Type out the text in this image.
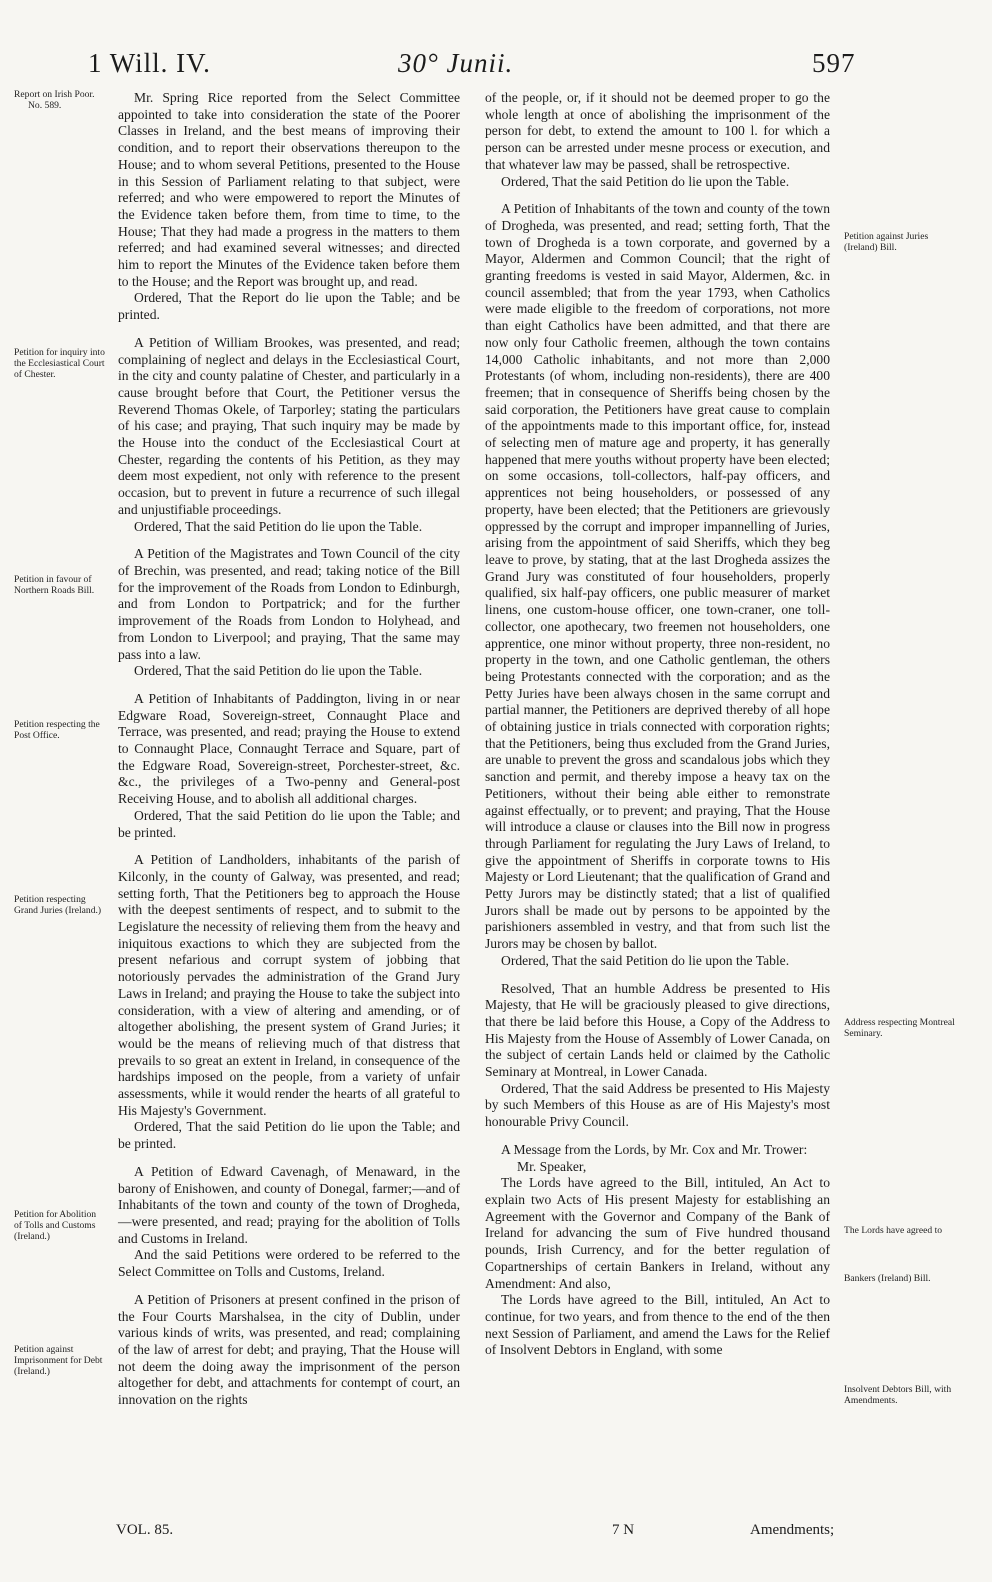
1 Will. IV.	30° Junii.	597
Report on Irish Poor.
No. 589.
Petition for inquiry into the Ecclesiastical Court of Chester.
Petition in favour of Northern Roads Bill.
Petition respecting the Post Office.
Petition respecting Grand Juries (Ireland.)
Petition for Abolition of Tolls and Customs (Ireland.)
Petition against Imprisonment for Debt (Ireland.)
Petition against Juries (Ireland) Bill.
Address respecting Montreal Seminary.
The Lords have agreed to
Bankers (Ireland) Bill.
Insolvent Debtors Bill, with Amendments.

Mr. Spring Rice reported from the Select Committee appointed to take into consideration the state of the Poorer Classes in Ireland, and the best means of improving their condition, and to report their observations thereupon to the House; and to whom several Petitions, presented to the House in this Session of Parliament relating to that subject, were referred; and who were empowered to report the Minutes of the Evidence taken before them, from time to time, to the House; That they had made a progress in the matters to them referred; and had examined several witnesses; and directed him to report the Minutes of the Evidence taken before them to the House; and the Report was brought up, and read.

Ordered, That the Report do lie upon the Table; and be printed.

A Petition of William Brookes, was presented, and read; complaining of neglect and delays in the Ecclesiastical Court, in the city and county palatine of Chester, and particularly in a cause brought before that Court, the Petitioner versus the Reverend Thomas Okele, of Tarporley; stating the particulars of his case; and praying, That such inquiry may be made by the House into the conduct of the Ecclesiastical Court at Chester, regarding the contents of his Petition, as they may deem most expedient, not only with reference to the present occasion, but to prevent in future a recurrence of such illegal and unjustifiable proceedings.

Ordered, That the said Petition do lie upon the Table.

A Petition of the Magistrates and Town Council of the city of Brechin, was presented, and read; taking notice of the Bill for the improvement of the Roads from London to Edinburgh, and from London to Portpatrick; and for the further improvement of the Roads from London to Holyhead, and from London to Liverpool; and praying, That the same may pass into a law.

Ordered, That the said Petition do lie upon the Table.

A Petition of Inhabitants of Paddington, living in or near Edgware Road, Sovereign-street, Connaught Place and Terrace, was presented, and read; praying the House to extend to Connaught Place, Connaught Terrace and Square, part of the Edgware Road, Sovereign-street, Porchester-street, &c. &c., the privileges of a Two-penny and General-post Receiving House, and to abolish all additional charges.

Ordered, That the said Petition do lie upon the Table; and be printed.

A Petition of Landholders, inhabitants of the parish of Kilconly, in the county of Galway, was presented, and read; setting forth, That the Petitioners beg to approach the House with the deepest sentiments of respect, and to submit to the Legislature the necessity of relieving them from the heavy and iniquitous exactions to which they are subjected from the present nefarious and corrupt system of jobbing that notoriously pervades the administration of the Grand Jury Laws in Ireland; and praying the House to take the subject into consideration, with a view of altering and amending, or of altogether abolishing, the present system of Grand Juries; it would be the means of relieving much of that distress that prevails to so great an extent in Ireland, in consequence of the hardships imposed on the people, from a variety of unfair assessments, while it would render the hearts of all grateful to His Majesty's Government.

Ordered, That the said Petition do lie upon the Table; and be printed.

A Petition of Edward Cavenagh, of Menaward, in the barony of Enishowen, and county of Donegal, farmer;—and of Inhabitants of the town and county of the town of Drogheda,—were presented, and read; praying for the abolition of Tolls and Customs in Ireland.

And the said Petitions were ordered to be referred to the Select Committee on Tolls and Customs, Ireland.

A Petition of Prisoners at present confined in the prison of the Four Courts Marshalsea, in the city of Dublin, under various kinds of writs, was presented, and read; complaining of the law of arrest for debt; and praying, That the House will not deem the doing away the imprisonment of the person altogether for debt, and attachments for contempt of court, an innovation on the rights

of the people, or, if it should not be deemed proper to go the whole length at once of abolishing the imprisonment of the person for debt, to extend the amount to 100 l. for which a person can be arrested under mesne process or execution, and that whatever law may be passed, shall be retrospective.

Ordered, That the said Petition do lie upon the Table.

A Petition of Inhabitants of the town and county of the town of Drogheda, was presented, and read; setting forth, That the town of Drogheda is a town corporate, and governed by a Mayor, Aldermen and Common Council; that the right of granting freedoms is vested in said Mayor, Aldermen, &c. in council assembled; that from the year 1793, when Catholics were made eligible to the freedom of corporations, not more than eight Catholics have been admitted, and that there are now only four Catholic freemen, although the town contains 14,000 Catholic inhabitants, and not more than 2,000 Protestants (of whom, including non-residents), there are 400 freemen; that in consequence of Sheriffs being chosen by the said corporation, the Petitioners have great cause to complain of the appointments made to this important office, for, instead of selecting men of mature age and property, it has generally happened that mere youths without property have been elected; on some occasions, toll-collectors, half-pay officers, and apprentices not being householders, or possessed of any property, have been elected; that the Petitioners are grievously oppressed by the corrupt and improper impannelling of Juries, arising from the appointment of said Sheriffs, which they beg leave to prove, by stating, that at the last Drogheda assizes the Grand Jury was constituted of four householders, properly qualified, six half-pay officers, one public measurer of market linens, one custom-house officer, one town-craner, one toll-collector, one apothecary, two freemen not householders, one apprentice, one minor without property, three non-resident, no property in the town, and one Catholic gentleman, the others being Protestants connected with the corporation; and as the Petty Juries have been always chosen in the same corrupt and partial manner, the Petitioners are deprived thereby of all hope of obtaining justice in trials connected with corporation rights; that the Petitioners, being thus excluded from the Grand Juries, are unable to prevent the gross and scandalous jobs which they sanction and permit, and thereby impose a heavy tax on the Petitioners, without their being able either to remonstrate against effectually, or to prevent; and praying, That the House will introduce a clause or clauses into the Bill now in progress through Parliament for regulating the Jury Laws of Ireland, to give the appointment of Sheriffs in corporate towns to His Majesty or Lord Lieutenant; that the qualification of Grand and Petty Jurors may be distinctly stated; that a list of qualified Jurors shall be made out by persons to be appointed by the parishioners assembled in vestry, and that from such list the Jurors may be chosen by ballot.

Ordered, That the said Petition do lie upon the Table.

Resolved, That an humble Address be presented to His Majesty, that He will be graciously pleased to give directions, that there be laid before this House, a Copy of the Address to His Majesty from the House of Assembly of Lower Canada, on the subject of certain Lands held or claimed by the Catholic Seminary at Montreal, in Lower Canada.

Ordered, That the said Address be presented to His Majesty by such Members of this House as are of His Majesty's most honourable Privy Council.

A Message from the Lords, by Mr. Cox and Mr. Trower:

Mr. Speaker,

The Lords have agreed to the Bill, intituled, An Act to explain two Acts of His present Majesty for establishing an Agreement with the Governor and Company of the Bank of Ireland for advancing the sum of Five hundred thousand pounds, Irish Currency, and for the better regulation of Copartnerships of certain Bankers in Ireland, without any Amendment: And also,

The Lords have agreed to the Bill, intituled, An Act to continue, for two years, and from thence to the end of the then next Session of Parliament, and amend the Laws for the Relief of Insolvent Debtors in England, with some

VOL. 85.	7 N	Amendments;
